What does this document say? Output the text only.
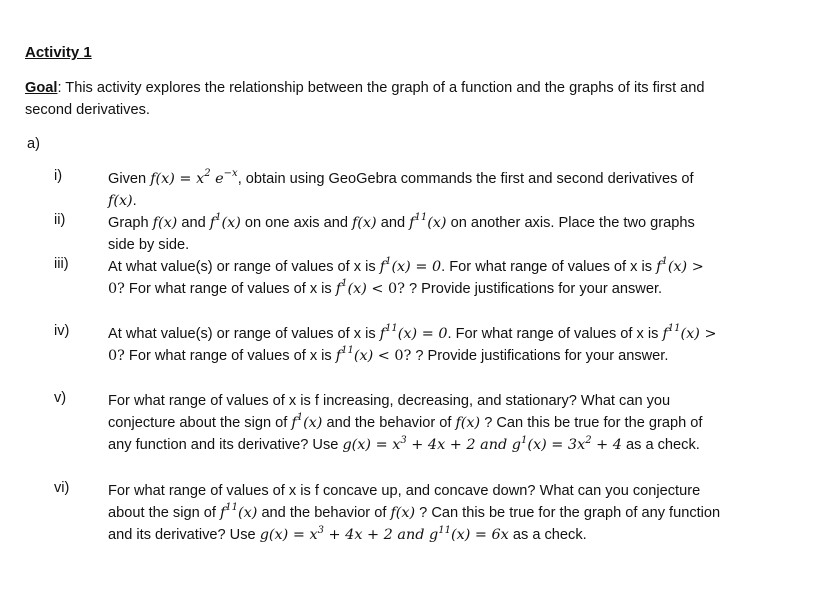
Activity 1
Goal: This activity explores the relationship between the graph of a function and the graphs of its first and second derivatives.
a)
i)	Given $f(x) = x^2$ $e^{-x}$, obtain using GeoGebra commands the first and second derivatives of f(x).
ii)	Graph f(x) and $f^1(x)$ on one axis and f(x) and $f^{11}(x)$ on another axis. Place the two graphs side by side.
iii)	At what value(s) or range of values of x is $f^1(x) = 0$. For what range of values of x is $f^1(x) > 0$? For what range of values of x is $f^1(x) < 0$? ? Provide justifications for your answer.
iv)	At what value(s) or range of values of x is $f^{11}(x) = 0$. For what range of values of x is $f^{11}(x) > 0$? For what range of values of x is $f^{11}(x) < 0$? ? Provide justifications for your answer.
v)	For what range of values of x is f increasing, decreasing, and stationary? What can you conjecture about the sign of $f^1(x)$ and the behavior of f(x) ? Can this be true for the graph of any function and its derivative? Use $g(x) = x^3 + 4x + 2$ and $g^1(x) = 3x^2 + 4$ as a check.
vi)	For what range of values of x is f concave up, and concave down? What can you conjecture about the sign of $f^{11}(x)$ and the behavior of f(x) ? Can this be true for the graph of any function and its derivative? Use $g(x) = x^3 + 4x + 2$ and $g^{11}(x) = 6x$ as a check.
